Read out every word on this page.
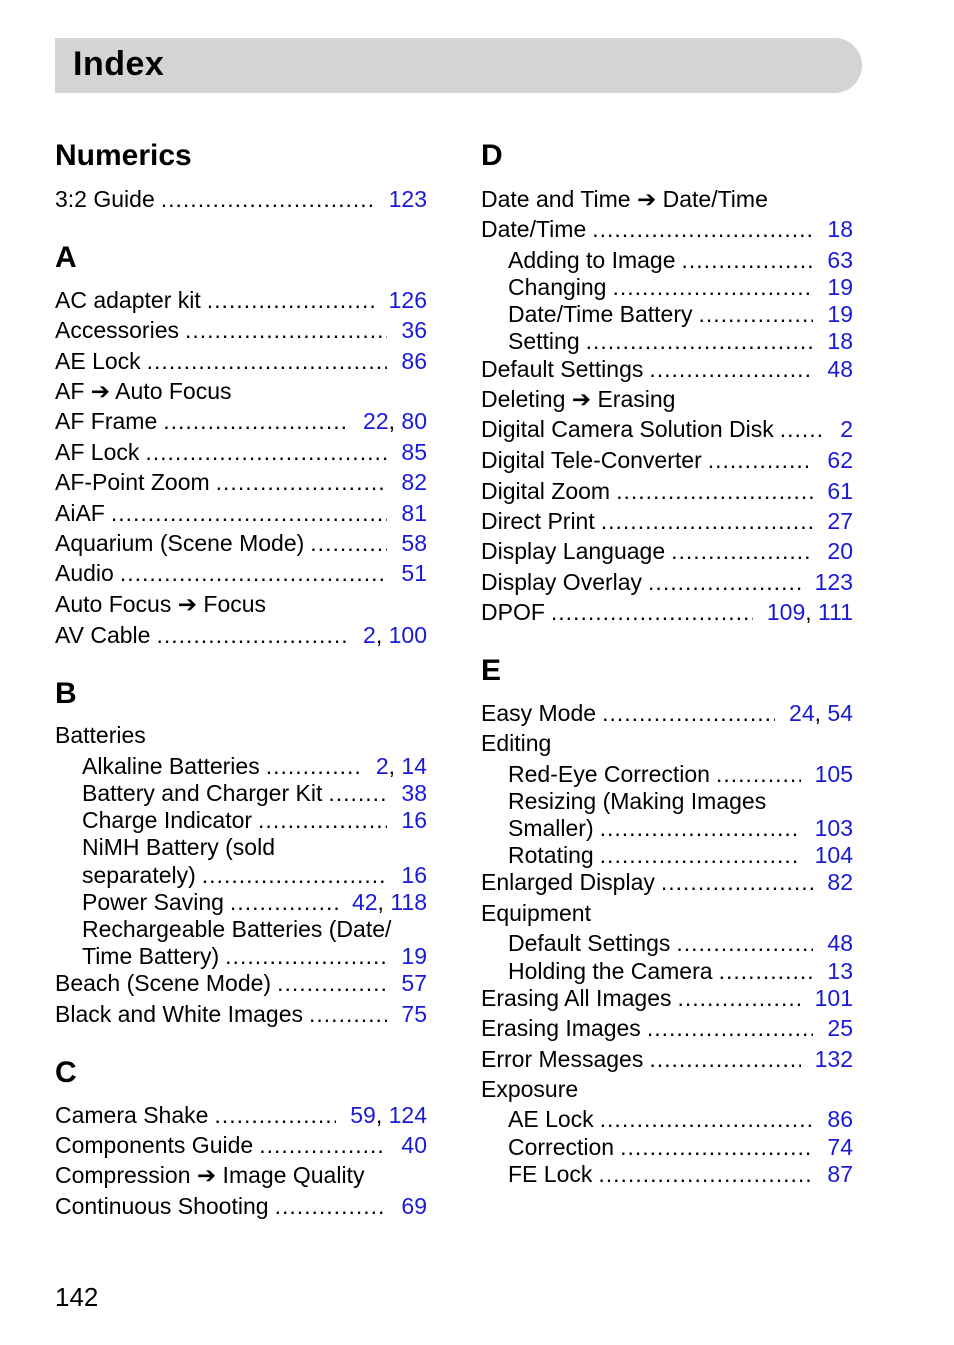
Index
Numerics
3:2 Guide .....	123
A
AC adapter kit .....	126
Accessories .....	36
AE Lock .....	86
AF ➔ Auto Focus
AF Frame .....	22, 80
AF Lock .....	85
AF-Point Zoom .....	82
AiAF .....	81
Aquarium (Scene Mode) .....	58
Audio .....	51
Auto Focus ➔ Focus
AV Cable .....	2, 100
B
Batteries
Alkaline Batteries .....	2, 14
Battery and Charger Kit .....	38
Charge Indicator .....	16
NiMH Battery (sold
separately) .....	16
Power Saving .....	42, 118
Rechargeable Batteries (Date/
Time Battery) .....	19
Beach (Scene Mode) .....	57
Black and White Images .....	75
C
Camera Shake .....	59, 124
Components Guide .....	40
Compression ➔ Image Quality
Continuous Shooting .....	69
D
Date and Time ➔ Date/Time
Date/Time .....	18
Adding to Image .....	63
Changing .....	19
Date/Time Battery .....	19
Setting .....	18
Default Settings .....	48
Deleting ➔ Erasing
Digital Camera Solution Disk .....	2
Digital Tele-Converter .....	62
Digital Zoom .....	61
Direct Print .....	27
Display Language .....	20
Display Overlay .....	123
DPOF .....	109, 111
E
Easy Mode .....	24, 54
Editing
Red-Eye Correction .....	105
Resizing (Making Images
Smaller) .....	103
Rotating .....	104
Enlarged Display .....	82
Equipment
Default Settings .....	48
Holding the Camera .....	13
Erasing All Images .....	101
Erasing Images .....	25
Error Messages .....	132
Exposure
AE Lock .....	86
Correction .....	74
FE Lock .....	87
142
